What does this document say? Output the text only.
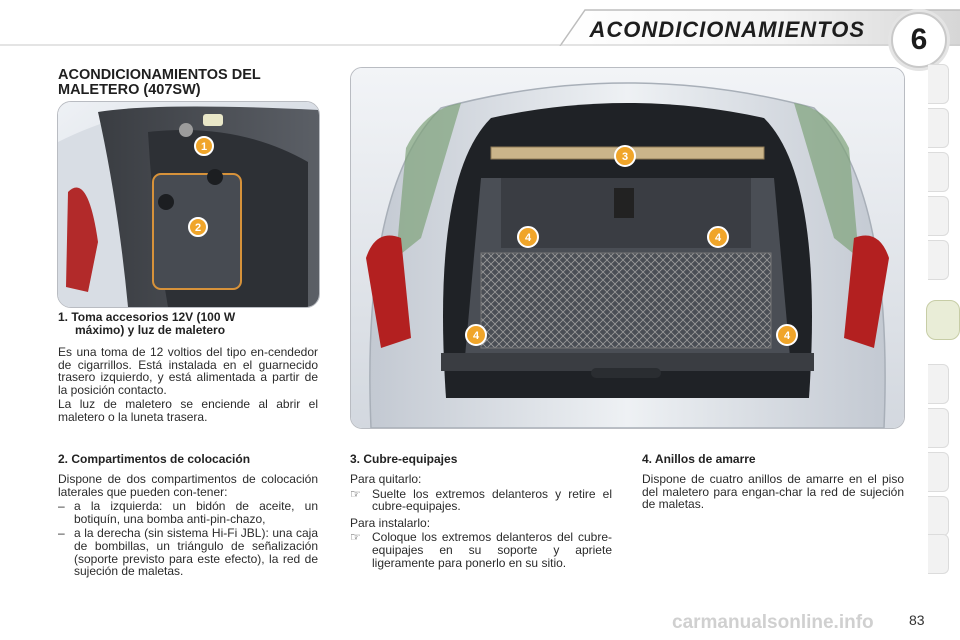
ACONDICIONAMIENTOS	6
ACONDICIONAMIENTOS DEL MALETERO (407SW)
1
2
1. Toma accesorios 12V (100 W
máximo) y luz de maletero

Es una toma de 12 voltios del tipo en-cendedor de cigarrillos. Está instalada en el guarnecido trasero izquierdo, y está alimentada a partir de la posición contacto.

La luz de maletero se enciende al abrir el maletero o la luneta trasera.

2. Compartimentos de colocación

Dispone de dos compartimentos de colocación laterales que pueden con-tener:

– a la izquierda: un bidón de aceite, un botiquín, una bomba anti-pin-chazo,
– a la derecha (sin sistema Hi-Fi JBL): una caja de bombillas, un triángulo de señalización (soporte previsto para este efecto), la red de sujeción de maletas.
3
4	4
4	4
3. Cubre-equipajes

Para quitarlo:

☞ Suelte los extremos delanteros y retire el cubre-equipajes.

Para instalarlo:

☞ Coloque los extremos delanteros del cubre-equipajes en su soporte y apriete ligeramente para ponerlo en su sitio.
4. Anillos de amarre

Dispone de cuatro anillos de amarre en el piso del maletero para engan-char la red de sujeción de maletas.

carmanualsonline.info	83
